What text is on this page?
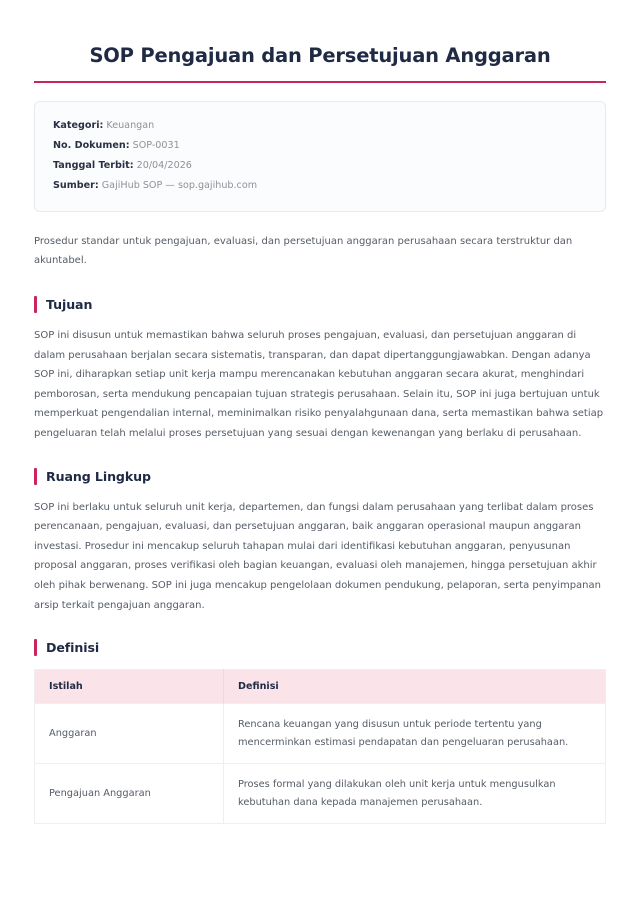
SOP Pengajuan dan Persetujuan Anggaran
Kategori: Keuangan
No. Dokumen: SOP-0031
Tanggal Terbit: 20/04/2026
Sumber: GajiHub SOP — sop.gajihub.com

Prosedur standar untuk pengajuan, evaluasi, dan persetujuan anggaran perusahaan secara terstruktur dan akuntabel.

Tujuan

SOP ini disusun untuk memastikan bahwa seluruh proses pengajuan, evaluasi, dan persetujuan anggaran di dalam perusahaan berjalan secara sistematis, transparan, dan dapat dipertanggungjawabkan. Dengan adanya SOP ini, diharapkan setiap unit kerja mampu merencanakan kebutuhan anggaran secara akurat, menghindari pemborosan, serta mendukung pencapaian tujuan strategis perusahaan. Selain itu, SOP ini juga bertujuan untuk memperkuat pengendalian internal, meminimalkan risiko penyalahgunaan dana, serta memastikan bahwa setiap pengeluaran telah melalui proses persetujuan yang sesuai dengan kewenangan yang berlaku di perusahaan.

Ruang Lingkup

SOP ini berlaku untuk seluruh unit kerja, departemen, dan fungsi dalam perusahaan yang terlibat dalam proses perencanaan, pengajuan, evaluasi, dan persetujuan anggaran, baik anggaran operasional maupun anggaran investasi. Prosedur ini mencakup seluruh tahapan mulai dari identifikasi kebutuhan anggaran, penyusunan proposal anggaran, proses verifikasi oleh bagian keuangan, evaluasi oleh manajemen, hingga persetujuan akhir oleh pihak berwenang. SOP ini juga mencakup pengelolaan dokumen pendukung, pelaporan, serta penyimpanan arsip terkait pengajuan anggaran.

Definisi
Istilah	Definisi
Anggaran	Rencana keuangan yang disusun untuk periode tertentu yang mencerminkan estimasi pendapatan dan pengeluaran perusahaan.
Pengajuan Anggaran	Proses formal yang dilakukan oleh unit kerja untuk mengusulkan kebutuhan dana kepada manajemen perusahaan.
